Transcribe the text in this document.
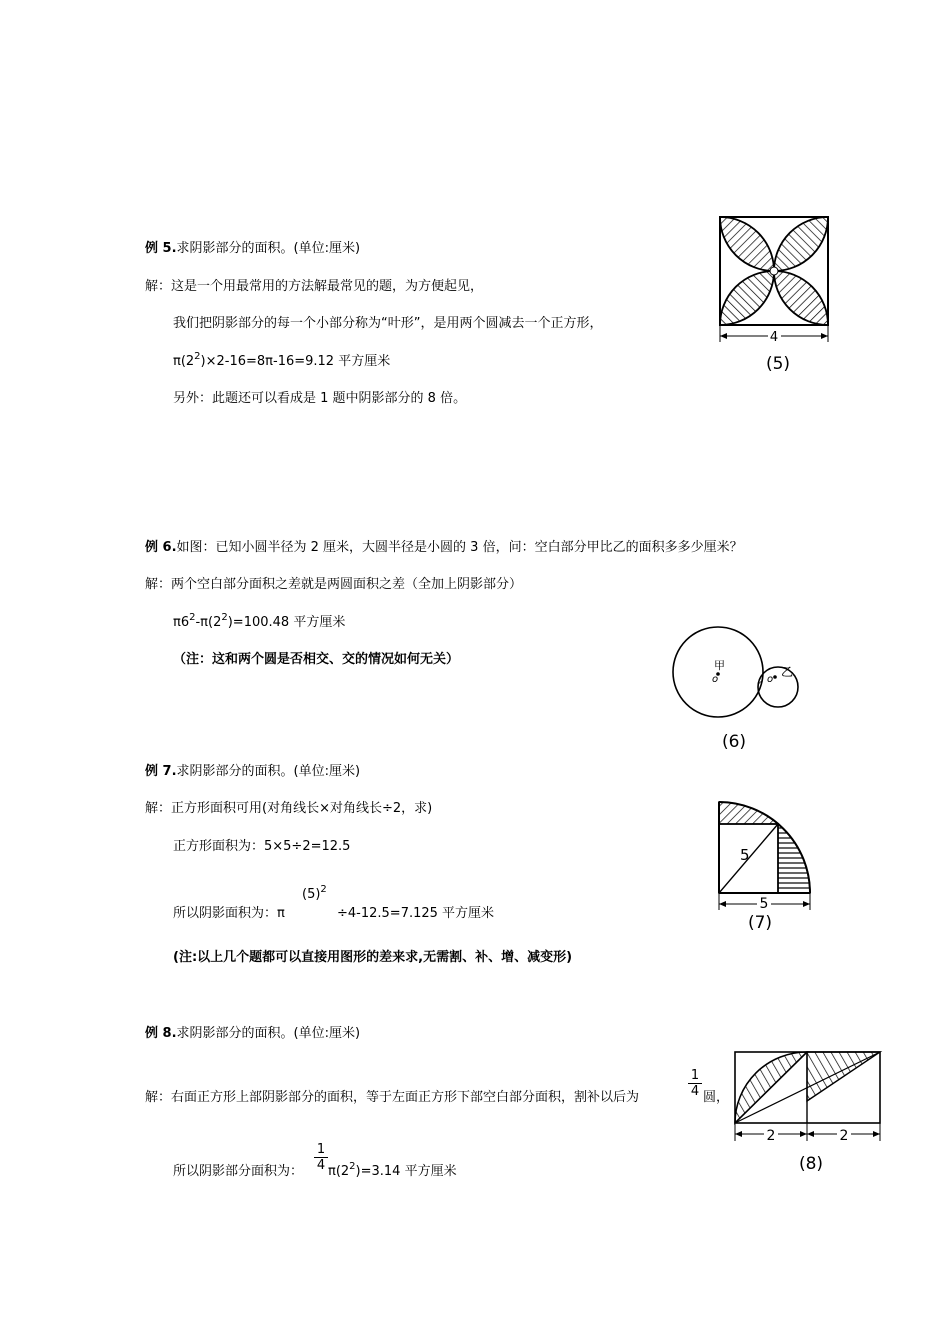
例 5.求阴影部分的面积。(单位:厘米)
解：这是一个用最常用的方法解最常见的题，为方便起见，
我们把阴影部分的每一个小部分称为“叶形”，是用两个圆减去一个正方形，
$\pi(2^2)\times 2-16=8\pi-16=9.12$ 平方厘米
另外：此题还可以看成是 1 题中阴影部分的 8 倍。
4
(5)
例 6.如图：已知小圆半径为 2 厘米，大圆半径是小圆的 3 倍，问：空白部分甲比乙的面积多多少厘米？
解：两个空白部分面积之差就是两圆面积之差（全加上阴影部分）
$\pi 6^2-\pi(2^2)=100.48$ 平方厘米
（注：这和两个圆是否相交、交的情况如何无关）	甲
o	o
乙
(6)
例 7.求阴影部分的面积。(单位:厘米)
解：正方形面积可用(对角线长×对角线长÷2，求)
正方形面积为：5×5÷2=12.5
所以阴影面积为：π
$(5)^2$
÷4-12.5=7.125 平方厘米
(注:以上几个题都可以直接用图形的差来求,无需割、补、增、减变形)
5
5
(7)
例 8.求阴影部分的面积。(单位:厘米)
解：右面正方形上部阴影部分的面积，等于左面正方形下部空白部分面积，割补以后为	$\frac{1}{4}$ 圆，
所以阴影部分面积为： $\frac{1}{4} \pi(2^2)=3.14$ 平方厘米
2	2
(8)
